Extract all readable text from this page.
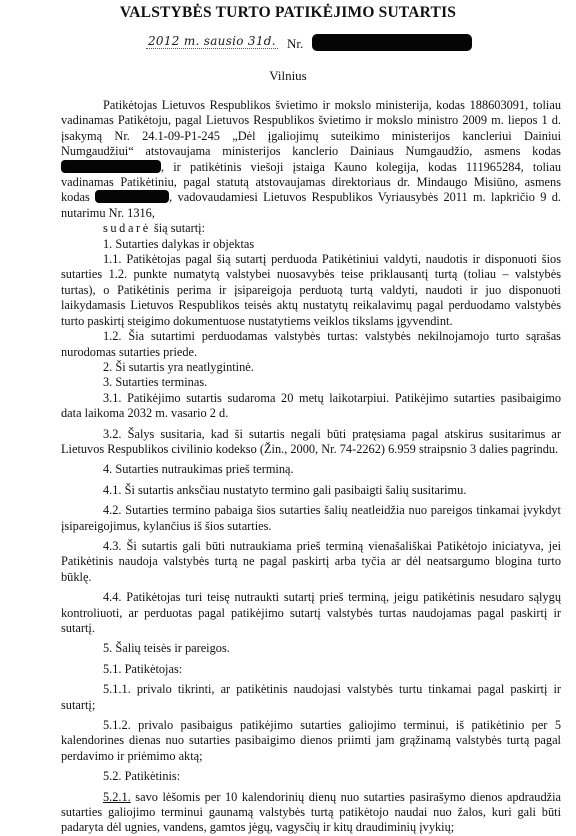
VALSTYBĖS TURTO PATIKĖJIMO SUTARTIS
2012 m. sausio 31d. Nr.
Vilnius

Patikėtojas Lietuvos Respublikos švietimo ir mokslo ministerija, kodas 188603091, toliau vadinamas Patikėtoju, pagal Lietuvos Respublikos švietimo ir mokslo ministro 2009 m. liepos 1 d. įsakymą Nr. 24.1-09-P1-245 „Dėl įgaliojimų suteikimo ministerijos kancleriui Dainiui Numgaudžiui“ atstovaujama ministerijos kanclerio Dainiaus Numgaudžio, asmens kodas , ir patikėtinis viešoji įstaiga Kauno kolegija, kodas 111965284, toliau vadinamas Patikėtiniu, pagal statutą atstovaujamas direktoriaus dr. Mindaugo Misiūno, asmens kodas	, vadovaudamiesi Lietuvos Respublikos Vyriausybės 2011 m. lapkričio 9 d. nutarimu Nr. 1316,

sudarė šią sutartį:

1. Sutarties dalykas ir objektas

1.1. Patikėtojas pagal šią sutartį perduoda Patikėtiniui valdyti, naudotis ir disponuoti šios sutarties 1.2. punkte numatytą valstybei nuosavybės teise priklausantį turtą (toliau – valstybės turtas), o Patikėtinis perima ir įsipareigoja perduotą turtą valdyti, naudoti ir juo disponuoti laikydamasis Lietuvos Respublikos teisės aktų nustatytų reikalavimų pagal perduodamo valstybės turto paskirtį steigimo dokumentuose nustatytiems veiklos tikslams įgyvendint.

1.2. Šia sutartimi perduodamas valstybės turtas: valstybės nekilnojamojo turto sąrašas nurodomas sutarties priede.

2. Ši sutartis yra neatlygintinė.

3. Sutarties terminas.

3.1. Patikėjimo sutartis sudaroma 20 metų laikotarpiui. Patikėjimo sutarties pasibaigimo data laikoma 2032 m. vasario 2 d.

3.2. Šalys susitaria, kad ši sutartis negali būti pratęsiama pagal atskirus susitarimus ar Lietuvos Respublikos civilinio kodekso (Žin., 2000, Nr. 74-2262) 6.959 straipsnio 3 dalies pagrindu.

4. Sutarties nutraukimas prieš terminą.

4.1. Ši sutartis anksčiau nustatyto termino gali pasibaigti šalių susitarimu.

4.2. Sutarties termino pabaiga šios sutarties šalių neatleidžia nuo pareigos tinkamai įvykdyt įsipareigojimus, kylančius iš šios sutarties.

4.3. Ši sutartis gali būti nutraukiama prieš terminą vienašališkai Patikėtojo iniciatyva, jei Patikėtinis naudoja valstybės turtą ne pagal paskirtį arba tyčia ar dėl neatsargumo blogina turto būklę.

4.4. Patikėtojas turi teisę nutraukti sutartį prieš terminą, jeigu patikėtinis nesudaro sąlygų kontroliuoti, ar perduotas pagal patikėjimo sutartį valstybės turtas naudojamas pagal paskirtį ir sutartį.

5. Šalių teisės ir pareigos.

5.1. Patikėtojas:

5.1.1. privalo tikrinti, ar patikėtinis naudojasi valstybės turtu tinkamai pagal paskirtį ir sutartį;

5.1.2. privalo pasibaigus patikėjimo sutarties galiojimo terminui, iš patikėtinio per 5 kalendorines dienas nuo sutarties pasibaigimo dienos priimti jam grąžinamą valstybės turtą pagal perdavimo ir priėmimo aktą;

5.2. Patikėtinis:

5.2.1. savo lėšomis per 10 kalendorinių dienų nuo sutarties pasirašymo dienos apdraudžia sutarties galiojimo terminui gaunamą valstybės turtą patikėtojo naudai nuo žalos, kuri gali būti padaryta dėl ugnies, vandens, gamtos jėgų, vagysčių ir kitų draudiminių įvykių;
